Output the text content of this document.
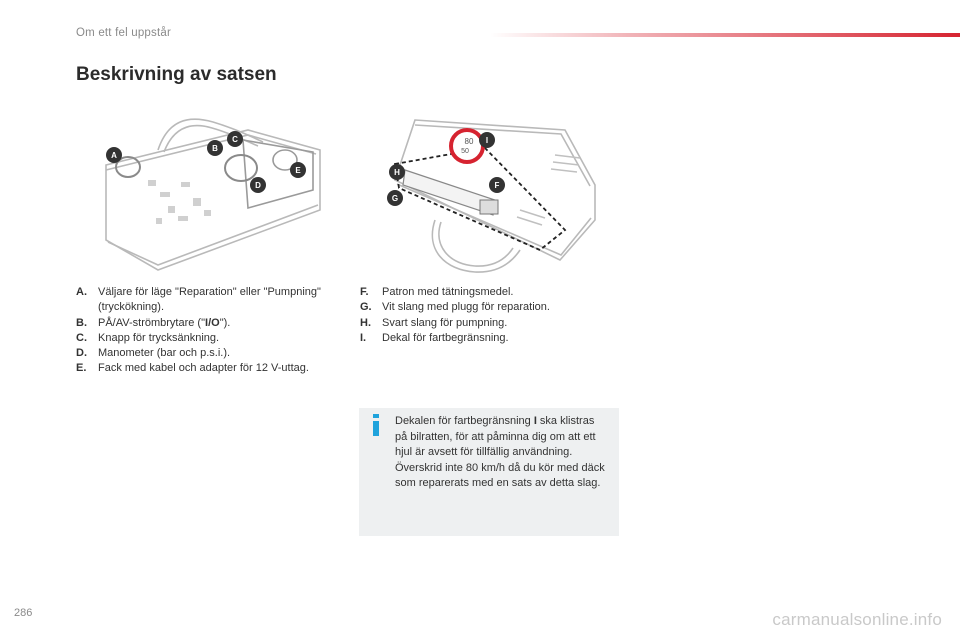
Om ett fel uppstår
Beskrivning av satsen
A
B
C
D
E
80
50
I
H
F
G
A.	Väljare för läge "Reparation" eller "Pumpning" (tryckökning).
B.	PÅ/AV-strömbrytare ("I/O").
C.	Knapp för trycksänkning.
D.	Manometer (bar och p.s.i.).
E.	Fack med kabel och adapter för 12 V-uttag.
F.	Patron med tätningsmedel.
G. Vit slang med plugg för reparation.
H.	Svart slang för pumpning.
I.	Dekal för fartbegränsning.
Dekalen för fartbegränsning I ska klistras på bilratten, för att påminna dig om att ett hjul är avsett för tillfällig användning.
Överskrid inte 80 km/h då du kör med däck som reparerats med en sats av detta slag.
286	carmanualsonline.info
